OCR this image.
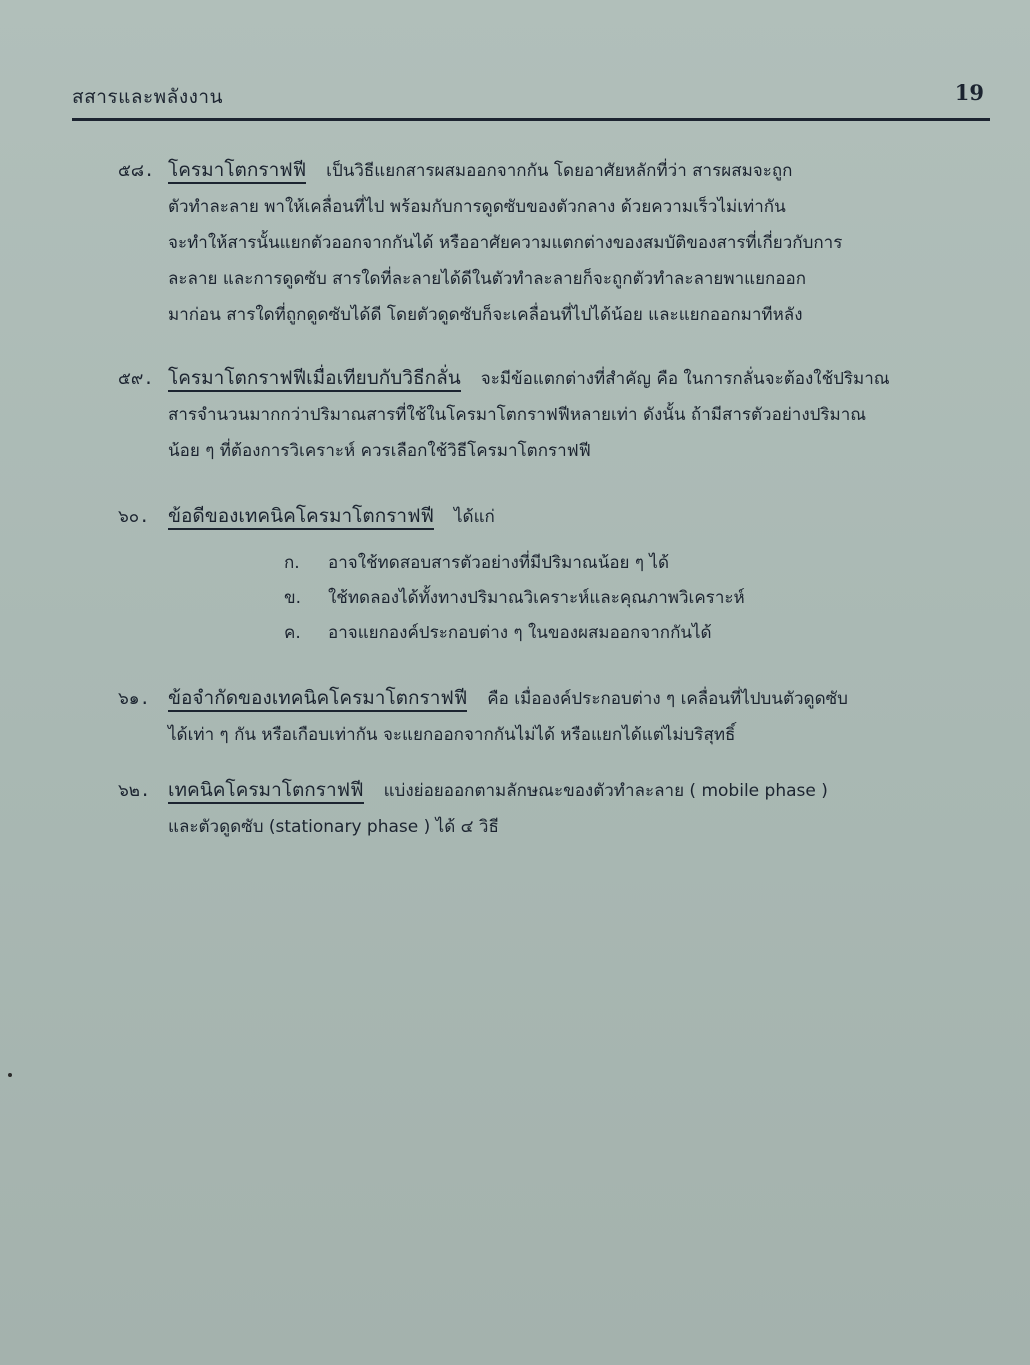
สสารและพลังงาน	19
๕๘. โครมาโตกราฟฟี เป็นวิธีแยกสารผสมออกจากกัน โดยอาศัยหลักที่ว่า สารผสมจะถูก
ตัวทำละลาย พาให้เคลื่อนที่ไป พร้อมกับการดูดซับของตัวกลาง ด้วยความเร็วไม่เท่ากัน
จะทำให้สารนั้นแยกตัวออกจากกันได้ หรืออาศัยความแตกต่างของสมบัติของสารที่เกี่ยวกับการ
ละลาย และการดูดซับ สารใดที่ละลายได้ดีในตัวทำละลายก็จะถูกตัวทำละลายพาแยกออก
มาก่อน สารใดที่ถูกดูดซับได้ดี โดยตัวดูดซับก็จะเคลื่อนที่ไปได้น้อย และแยกออกมาทีหลัง
๕๙. โครมาโตกราฟฟีเมื่อเทียบกับวิธีกลั่น จะมีข้อแตกต่างที่สำคัญ คือ ในการกลั่นจะต้องใช้ปริมาณ
สารจำนวนมากกว่าปริมาณสารที่ใช้ในโครมาโตกราฟฟีหลายเท่า ดังนั้น ถ้ามีสารตัวอย่างปริมาณ
น้อย ๆ ที่ต้องการวิเคราะห์ ควรเลือกใช้วิธีโครมาโตกราฟฟี
๖๐. ข้อดีของเทคนิคโครมาโตกราฟฟี ได้แก่
ก. อาจใช้ทดสอบสารตัวอย่างที่มีปริมาณน้อย ๆ ได้
ข. ใช้ทดลองได้ทั้งทางปริมาณวิเคราะห์และคุณภาพวิเคราะห์
ค. อาจแยกองค์ประกอบต่าง ๆ ในของผสมออกจากกันได้
๖๑. ข้อจำกัดของเทคนิคโครมาโตกราฟฟี คือ เมื่อองค์ประกอบต่าง ๆ เคลื่อนที่ไปบนตัวดูดซับ
ได้เท่า ๆ กัน หรือเกือบเท่ากัน จะแยกออกจากกันไม่ได้ หรือแยกได้แต่ไม่บริสุทธิ์
๖๒. เทคนิคโครมาโตกราฟฟี แบ่งย่อยออกตามลักษณะของตัวทำละลาย ( mobile phase )
และตัวดูดซับ (stationary phase ) ได้ ๔ วิธี
